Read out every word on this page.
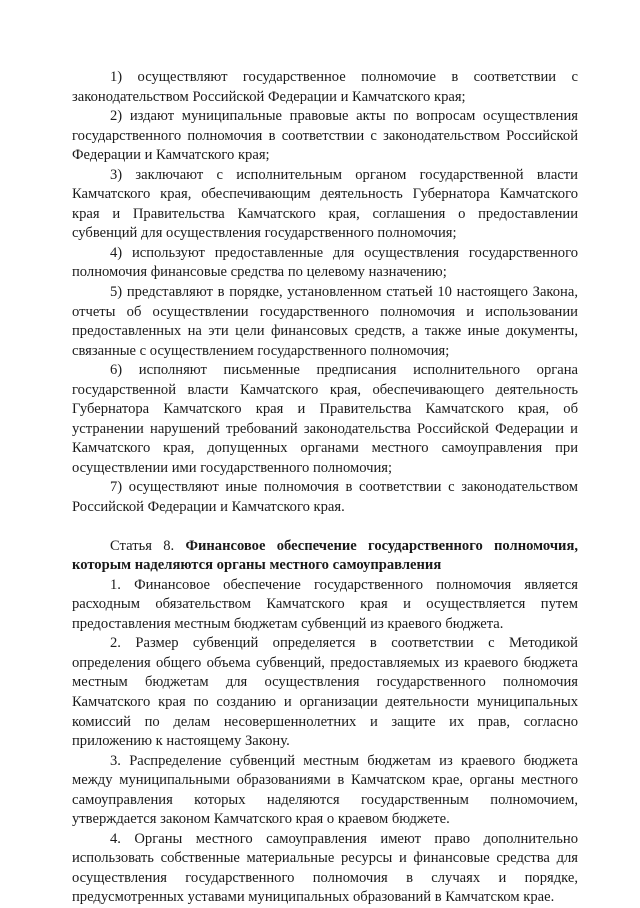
1) осуществляют государственное полномочие в соответствии с законодательством Российской Федерации и Камчатского края;

2) издают муниципальные правовые акты по вопросам осуществления государственного полномочия в соответствии с законодательством Российской Федерации и Камчатского края;

3) заключают с исполнительным органом государственной власти Камчатского края, обеспечивающим деятельность Губернатора Камчатского края и Правительства Камчатского края, соглашения о предоставлении субвенций для осуществления государственного полномочия;

4) используют предоставленные для осуществления государственного полномочия финансовые средства по целевому назначению;

5) представляют в порядке, установленном статьей 10 настоящего Закона, отчеты об осуществлении государственного полномочия и использовании предоставленных на эти цели финансовых средств, а также иные документы, связанные с осуществлением государственного полномочия;

6) исполняют письменные предписания исполнительного органа государственной власти Камчатского края, обеспечивающего деятельность Губернатора Камчатского края и Правительства Камчатского края, об устранении нарушений требований законодательства Российской Федерации и Камчатского края, допущенных органами местного самоуправления при осуществлении ими государственного полномочия;

7) осуществляют иные полномочия в соответствии с законодательством Российской Федерации и Камчатского края.

Статья 8. Финансовое обеспечение государственного полномочия, которым наделяются органы местного самоуправления

1. Финансовое обеспечение государственного полномочия является расходным обязательством Камчатского края и осуществляется путем предоставления местным бюджетам субвенций из краевого бюджета.

2. Размер субвенций определяется в соответствии с Методикой определения общего объема субвенций, предоставляемых из краевого бюджета местным бюджетам для осуществления государственного полномочия Камчатского края по созданию и организации деятельности муниципальных комиссий по делам несовершеннолетних и защите их прав, согласно приложению к настоящему Закону.

3. Распределение субвенций местным бюджетам из краевого бюджета между муниципальными образованиями в Камчатском крае, органы местного самоуправления которых наделяются государственным полномочием, утверждается законом Камчатского края о краевом бюджете.

4. Органы местного самоуправления имеют право дополнительно использовать собственные материальные ресурсы и финансовые средства для осуществления государственного полномочия в случаях и порядке, предусмотренных уставами муниципальных образований в Камчатском крае.
